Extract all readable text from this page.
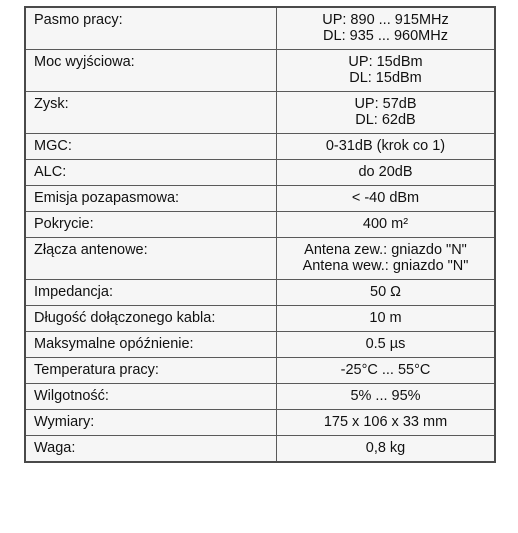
Pasmo pracy:	UP: 890 ... 915MHz
DL: 935 ... 960MHz

Moc wyjściowa:	UP: 15dBm
DL: 15dBm

Zysk:	UP: 57dB
DL: 62dB

MGC:	0-31dB (krok co 1)

ALC:	do 20dB

Emisja pozapasmowa:	< -40 dBm

Pokrycie:	400 m²

Złącza antenowe:	Antena zew.: gniazdo "N"
Antena wew.: gniazdo "N"

Impedancja:	50 Ω

Długość dołączonego kabla:	10 m

Maksymalne opóźnienie:	0.5 µs

Temperatura pracy:	-25°C ... 55°C

Wilgotność:	5% ... 95%

Wymiary:	175 x 106 x 33 mm

Waga:	0,8 kg
